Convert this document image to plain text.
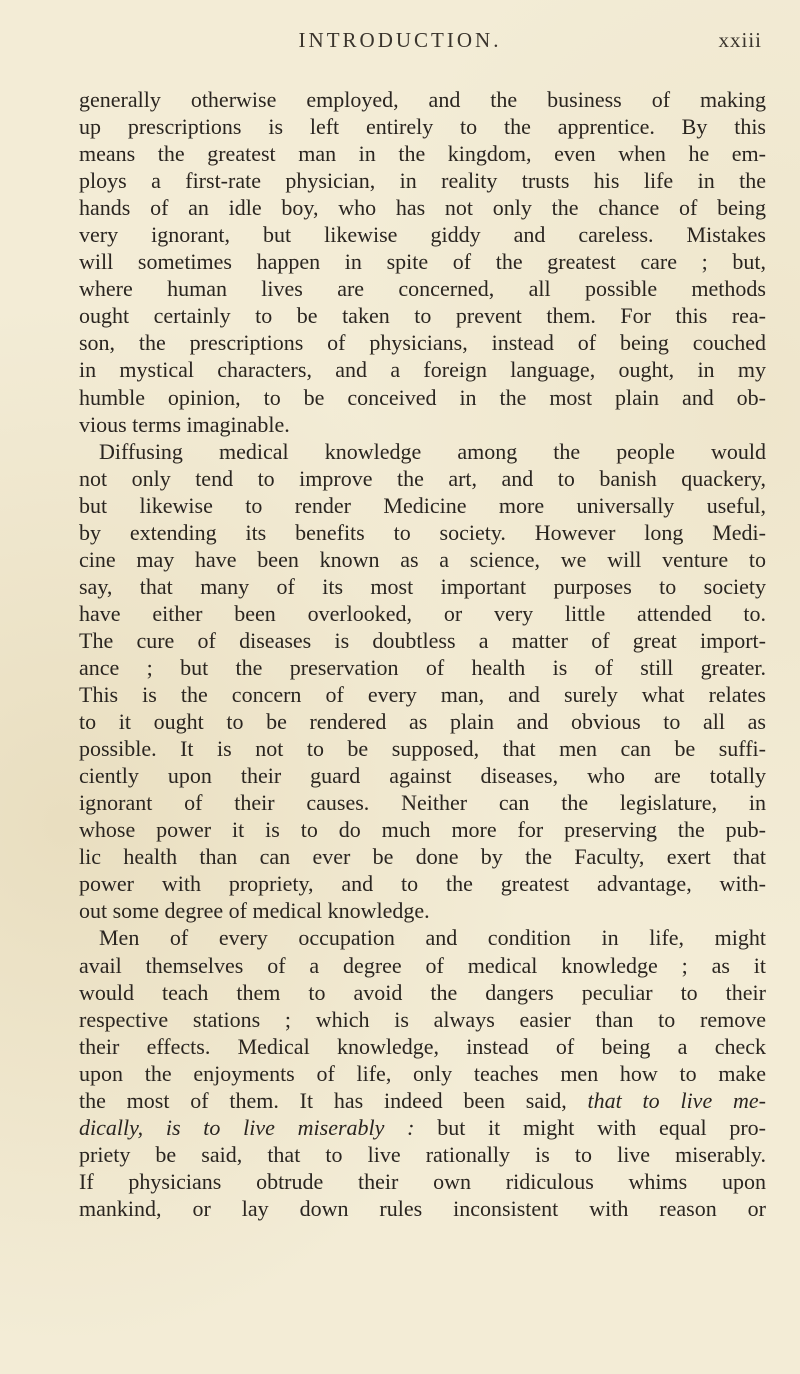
INTRODUCTION.	xxiii
generally otherwise employed, and the business of making
up prescriptions is left entirely to the apprentice. By this
means the greatest man in the kingdom, even when he em-
ploys a first-rate physician, in reality trusts his life in the
hands of an idle boy, who has not only the chance of being
very ignorant, but likewise giddy and careless. Mistakes
will sometimes happen in spite of the greatest care ; but,
where human lives are concerned, all possible methods
ought certainly to be taken to prevent them. For this rea-
son, the prescriptions of physicians, instead of being couched
in mystical characters, and a foreign language, ought, in my
humble opinion, to be conceived in the most plain and ob-
vious terms imaginable.
Diffusing medical knowledge among the people would
not only tend to improve the art, and to banish quackery,
but likewise to render Medicine more universally useful,
by extending its benefits to society. However long Medi-
cine may have been known as a science, we will venture to
say, that many of its most important purposes to society
have either been overlooked, or very little attended to.
The cure of diseases is doubtless a matter of great import-
ance ; but the preservation of health is of still greater.
This is the concern of every man, and surely what relates
to it ought to be rendered as plain and obvious to all as
possible. It is not to be supposed, that men can be suffi-
ciently upon their guard against diseases, who are totally
ignorant of their causes. Neither can the legislature, in
whose power it is to do much more for preserving the pub-
lic health than can ever be done by the Faculty, exert that
power with propriety, and to the greatest advantage, with-
out some degree of medical knowledge.
Men of every occupation and condition in life, might
avail themselves of a degree of medical knowledge ; as it
would teach them to avoid the dangers peculiar to their
respective stations ; which is always easier than to remove
their effects. Medical knowledge, instead of being a check
upon the enjoyments of life, only teaches men how to make
the most of them. It has indeed been said, that to live me-
dically, is to live miserably : but it might with equal pro-
priety be said, that to live rationally is to live miserably.
If physicians obtrude their own ridiculous whims upon
mankind, or lay down rules inconsistent with reason or
